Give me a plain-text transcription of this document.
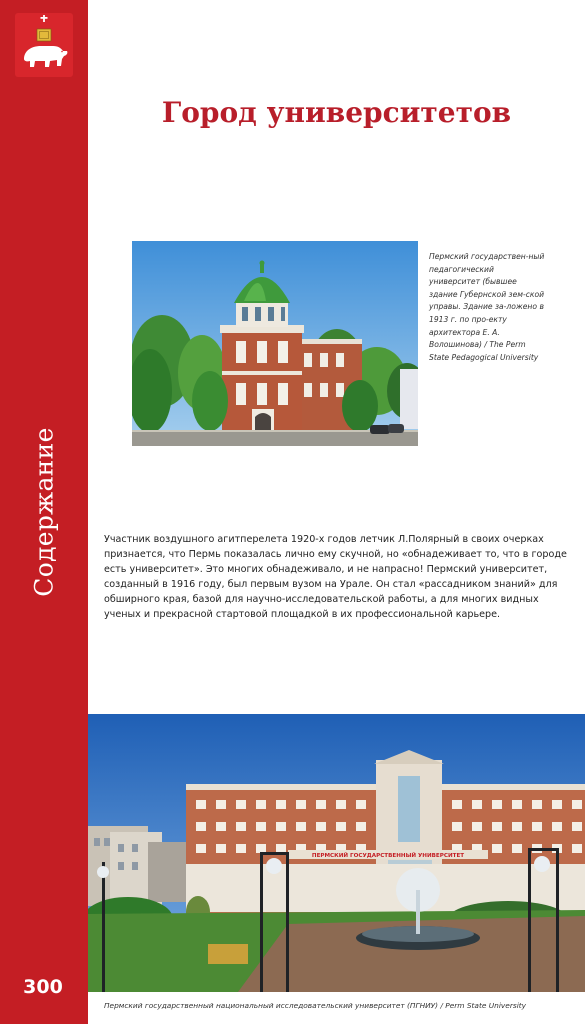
Содержание
300
Город университетов
Пермский государствен-ный педагогический университет (бывшее здание Губернской зем-ской управы. Здание за-ложено в 1913 г. по про-екту архитектора Е. А. Волошинова) / The Perm State Pedagogical University

Участник воздушного агитперелета 1920-х годов летчик Л.Полярный в своих очерках признается, что Пермь показалась лично ему скучной, но «обнадеживает то, что в городе есть университет». Это многих обнадеживало, и не напрасно! Пермский университет, созданный в 1916 году, был первым вузом на Урале. Он стал «рассадником знаний» для обширного края, базой для научно-исследовательской работы, а для многих видных ученых и прекрасной стартовой площадкой в их профессиональной карьере.

ПЕРМСКИЙ ГОСУДАРСТВЕННЫЙ УНИВЕРСИТЕТ
Пермский государственный национальный исследовательский университет (ПГНИУ) / Perm State University
